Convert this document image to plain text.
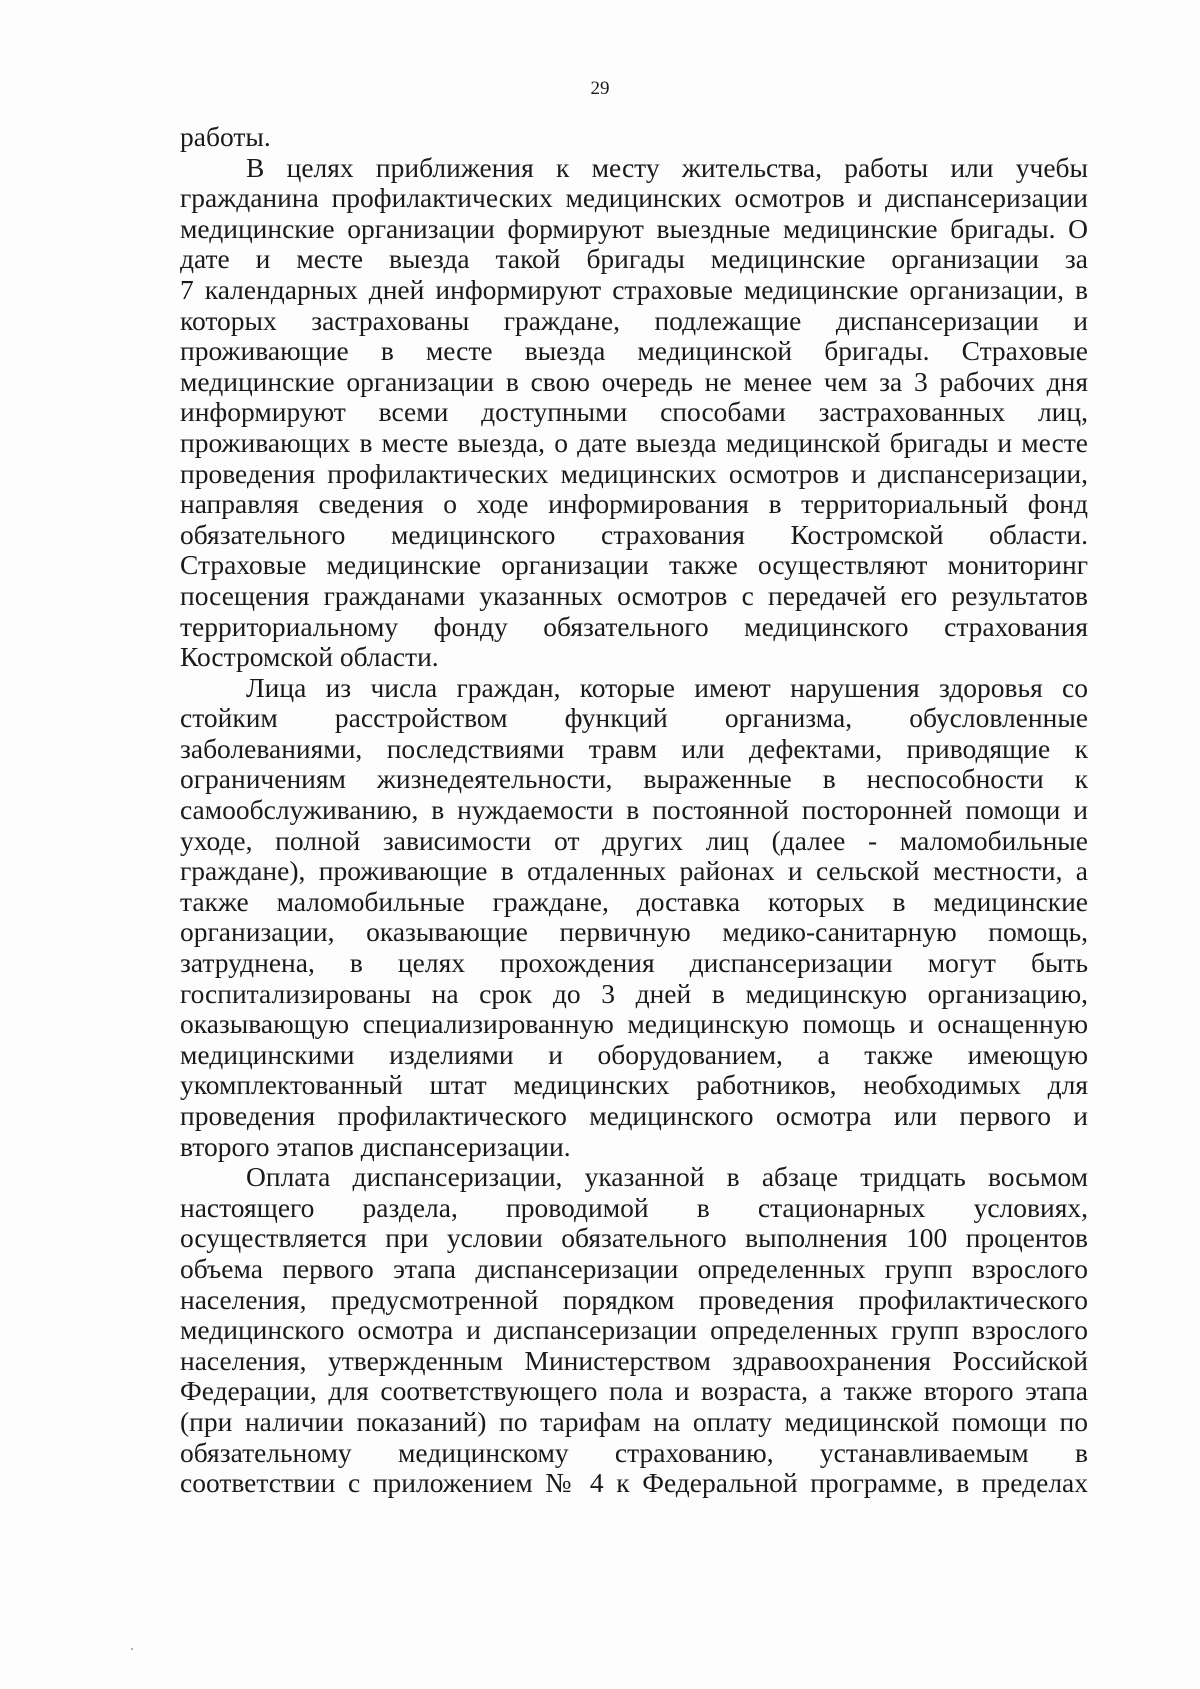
29
работы.
В целях приближения к месту жительства, работы или учебы
гражданина профилактических медицинских осмотров и диспансеризации
медицинские организации формируют выездные медицинские бригады. О
дате и месте выезда такой бригады медицинские организации за
7 календарных дней информируют страховые медицинские организации, в
которых застрахованы граждане, подлежащие диспансеризации и
проживающие в месте выезда медицинской бригады. Страховые
медицинские организации в свою очередь не менее чем за 3 рабочих дня
информируют всеми доступными способами застрахованных лиц,
проживающих в месте выезда, о дате выезда медицинской бригады и месте
проведения профилактических медицинских осмотров и диспансеризации,
направляя сведения о ходе информирования в территориальный фонд
обязательного медицинского страхования Костромской области.
Страховые медицинские организации также осуществляют мониторинг
посещения гражданами указанных осмотров с передачей его результатов
территориальному фонду обязательного медицинского страхования
Костромской области.
Лица из числа граждан, которые имеют нарушения здоровья со
стойким расстройством функций организма, обусловленные
заболеваниями, последствиями травм или дефектами, приводящие к
ограничениям жизнедеятельности, выраженные в неспособности к
самообслуживанию, в нуждаемости в постоянной посторонней помощи и
уходе, полной зависимости от других лиц (далее - маломобильные
граждане), проживающие в отдаленных районах и сельской местности, а
также маломобильные граждане, доставка которых в медицинские
организации, оказывающие первичную медико-санитарную помощь,
затруднена, в целях прохождения диспансеризации могут быть
госпитализированы на срок до 3 дней в медицинскую организацию,
оказывающую специализированную медицинскую помощь и оснащенную
медицинскими изделиями и оборудованием, а также имеющую
укомплектованный штат медицинских работников, необходимых для
проведения профилактического медицинского осмотра или первого и
второго этапов диспансеризации.
Оплата диспансеризации, указанной в абзаце тридцать восьмом
настоящего раздела, проводимой в стационарных условиях,
осуществляется при условии обязательного выполнения 100 процентов
объема первого этапа диспансеризации определенных групп взрослого
населения, предусмотренной порядком проведения профилактического
медицинского осмотра и диспансеризации определенных групп взрослого
населения, утвержденным Министерством здравоохранения Российской
Федерации, для соответствующего пола и возраста, а также второго этапа
(при наличии показаний) по тарифам на оплату медицинской помощи по
обязательному медицинскому страхованию, устанавливаемым в
соответствии с приложением № 4 к Федеральной программе, в пределах
